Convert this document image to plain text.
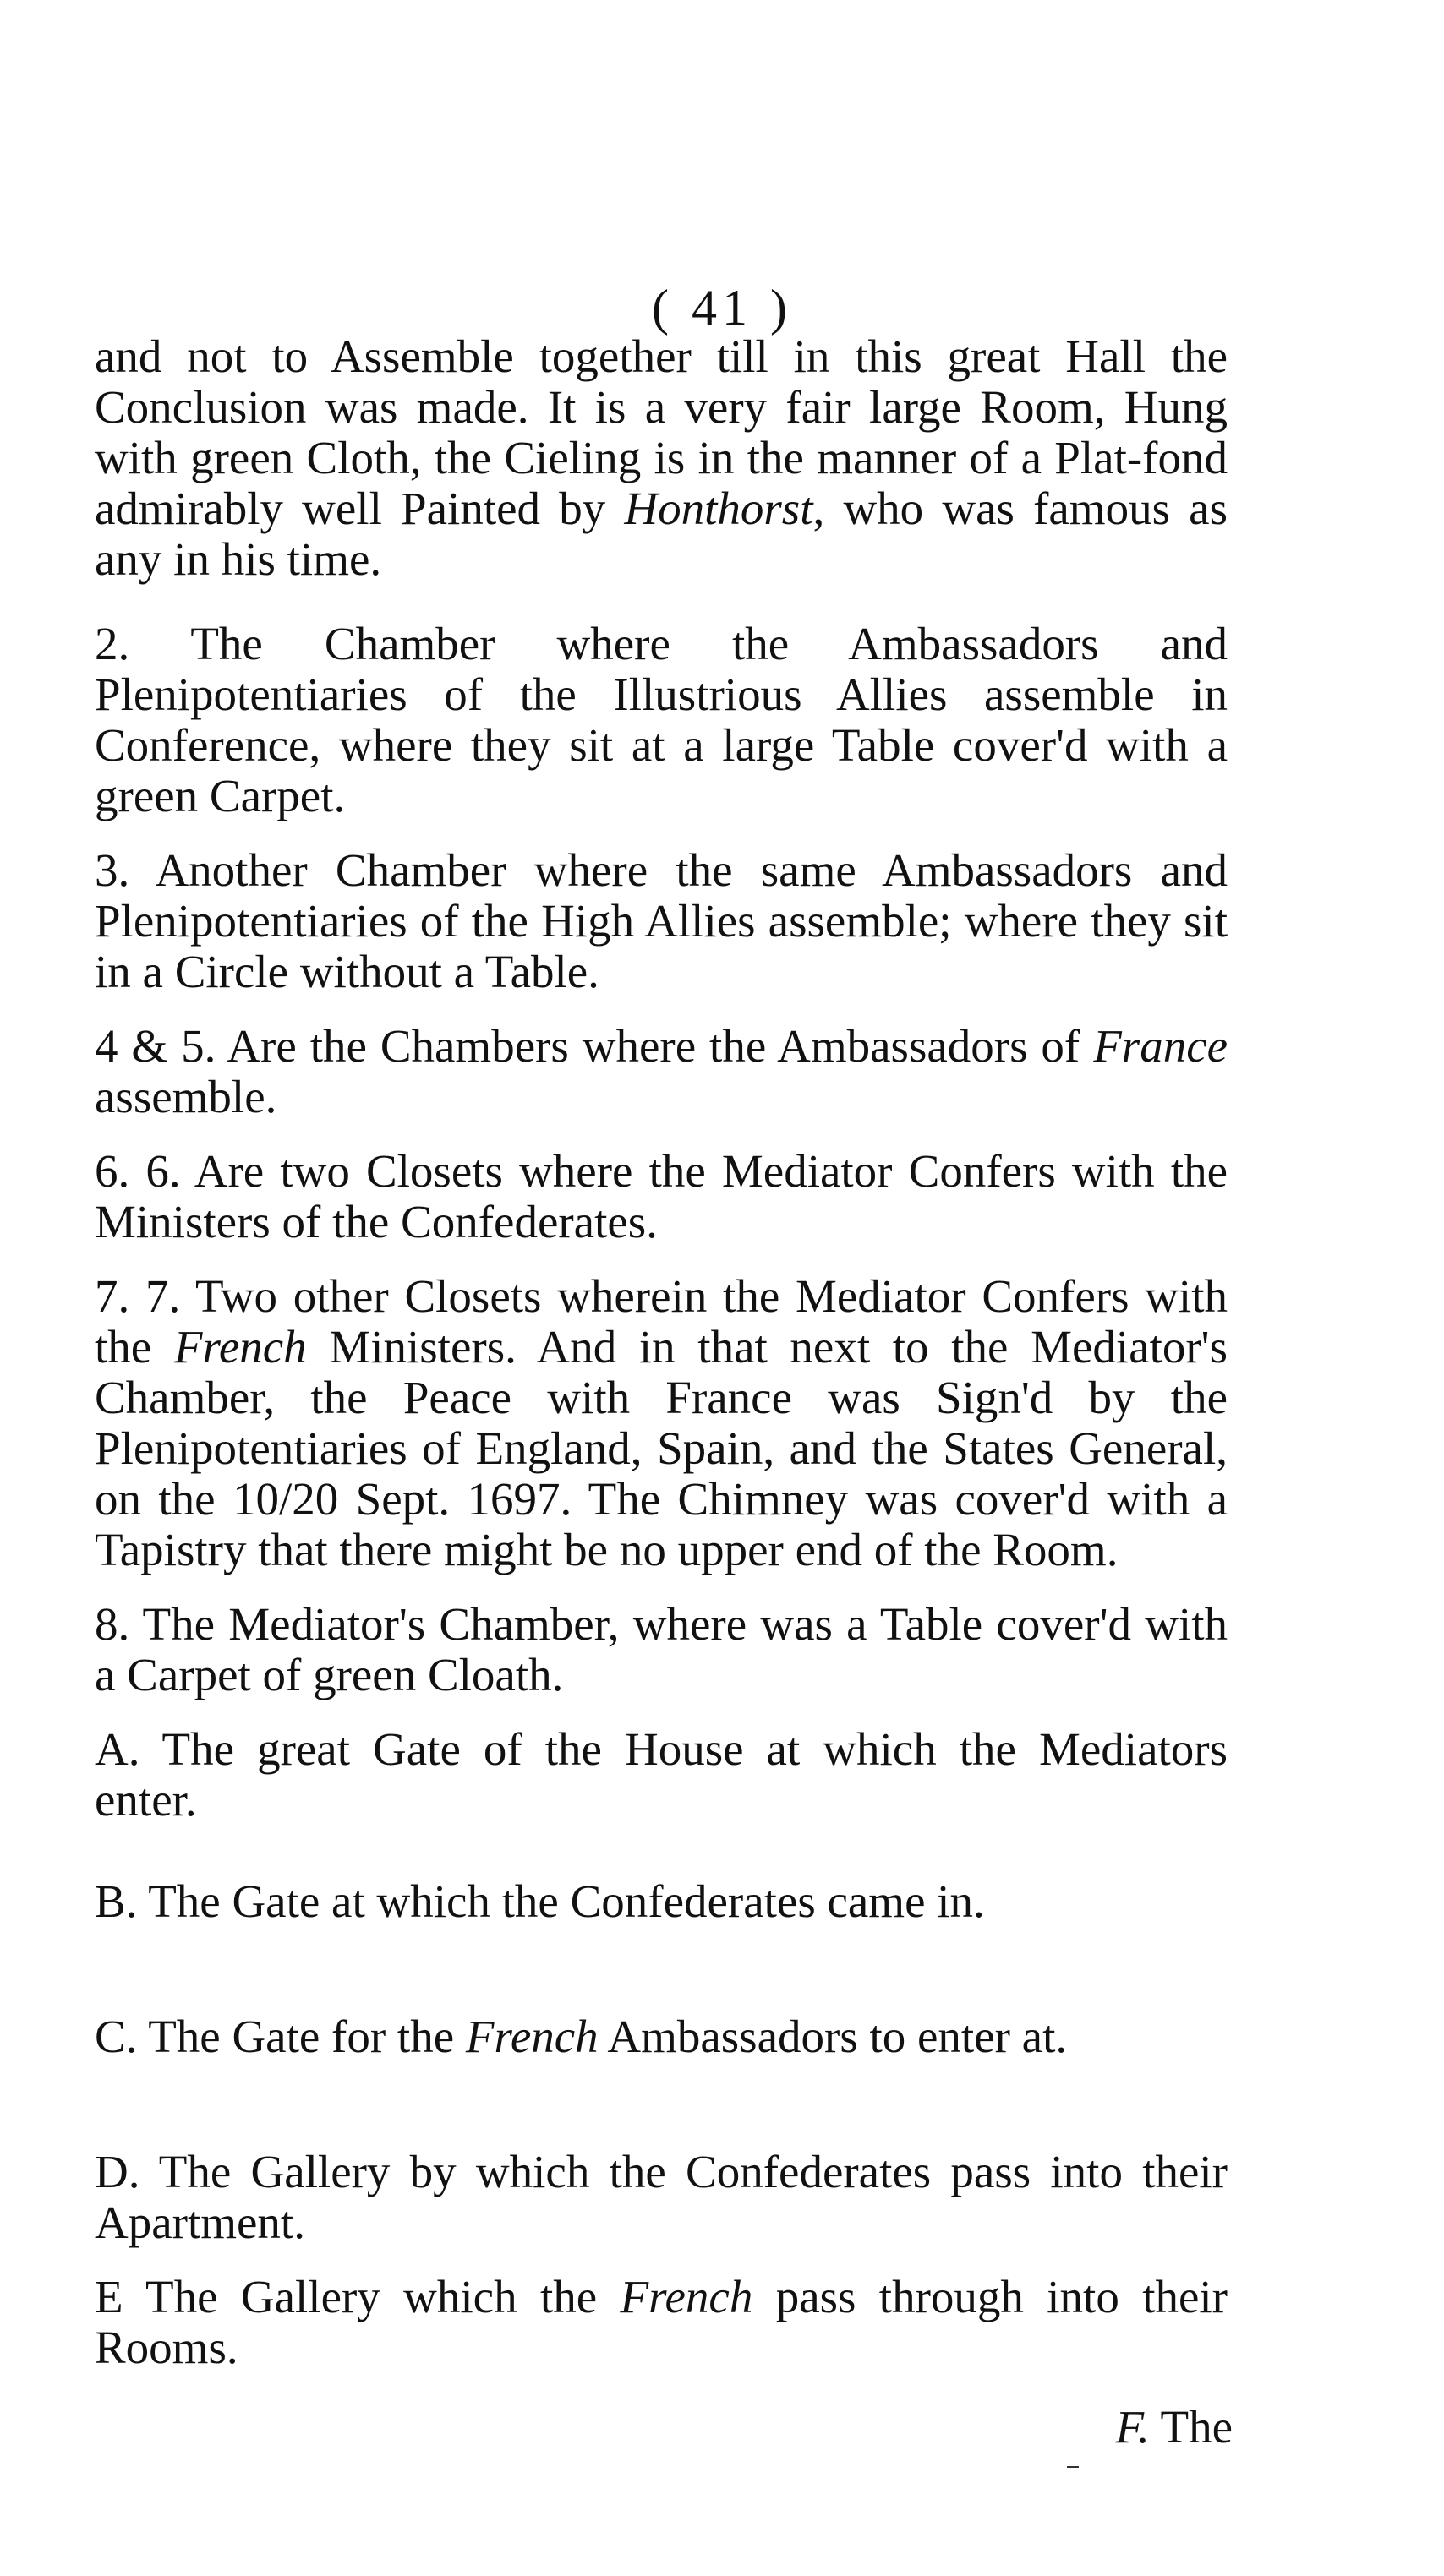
( 41 )

and not to Assemble together till in this great Hall the Conclusion was made. It is a very fair large Room, Hung with green Cloth, the Cieling is in the manner of a Plat-fond admirably well Painted by Honthorst, who was famous as any in his time.

2. The Chamber where the Ambassadors and Plenipotentiaries of the Illustrious Allies assemble in Conference, where they sit at a large Table cover'd with a green Carpet.

3. Another Chamber where the same Ambassadors and Plenipotentiaries of the High Allies assemble; where they sit in a Circle without a Table.

4 & 5. Are the Chambers where the Ambassadors of France assemble.

6. 6. Are two Closets where the Mediator Confers with the Ministers of the Confederates.

7. 7. Two other Closets wherein the Mediator Confers with the French Ministers. And in that next to the Mediator's Chamber, the Peace with France was Sign'd by the Plenipotentiaries of England, Spain, and the States General, on the 10/20 Sept. 1697. The Chimney was cover'd with a Tapistry that there might be no upper end of the Room.

8. The Mediator's Chamber, where was a Table cover'd with a Carpet of green Cloath.

A. The great Gate of the House at which the Mediators enter.

B. The Gate at which the Confederates came in.

C. The Gate for the French Ambassadors to enter at.

D. The Gallery by which the Confederates pass into their Apartment.

E The Gallery which the French pass through into their Rooms.

F. The
